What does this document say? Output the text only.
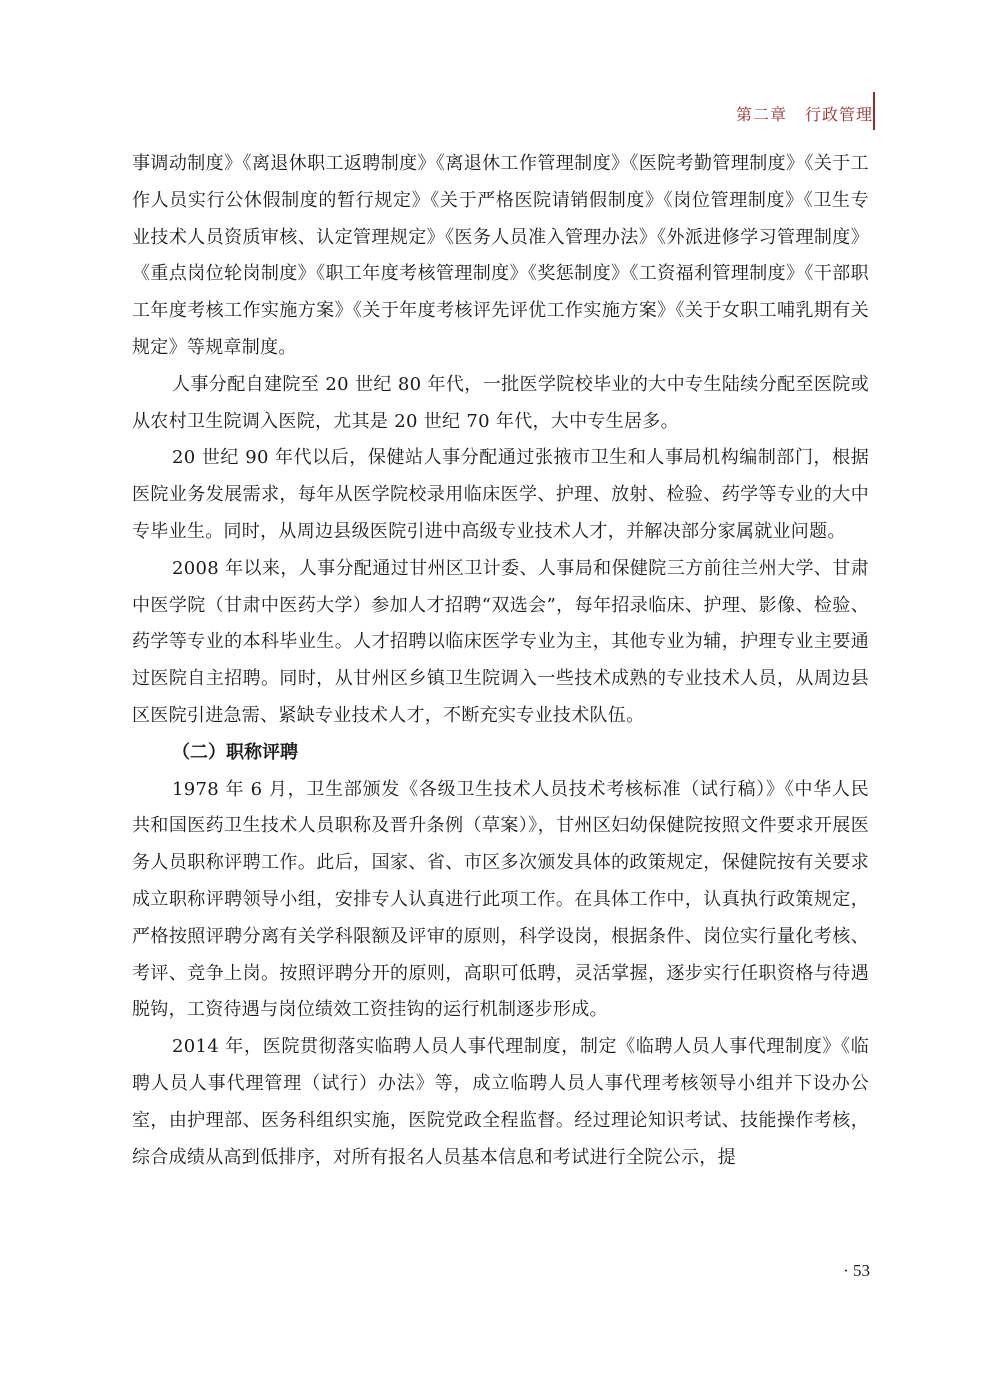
第二章 行政管理

事调动制度》《离退休职工返聘制度》《离退休工作管理制度》《医院考勤管理制度》《关于工作人员实行公休假制度的暂行规定》《关于严格医院请销假制度》《岗位管理制度》《卫生专业技术人员资质审核、认定管理规定》《医务人员准入管理办法》《外派进修学习管理制度》《重点岗位轮岗制度》《职工年度考核管理制度》《奖惩制度》《工资福利管理制度》《干部职工年度考核工作实施方案》《关于年度考核评先评优工作实施方案》《关于女职工哺乳期有关规定》等规章制度。

人事分配自建院至 20 世纪 80 年代，一批医学院校毕业的大中专生陆续分配至医院或从农村卫生院调入医院，尤其是 20 世纪 70 年代，大中专生居多。

20 世纪 90 年代以后，保健站人事分配通过张掖市卫生和人事局机构编制部门，根据医院业务发展需求，每年从医学院校录用临床医学、护理、放射、检验、药学等专业的大中专毕业生。同时，从周边县级医院引进中高级专业技术人才，并解决部分家属就业问题。

2008 年以来，人事分配通过甘州区卫计委、人事局和保健院三方前往兰州大学、甘肃中医学院（甘肃中医药大学）参加人才招聘“双选会”，每年招录临床、护理、影像、检验、药学等专业的本科毕业生。人才招聘以临床医学专业为主，其他专业为辅，护理专业主要通过医院自主招聘。同时，从甘州区乡镇卫生院调入一些技术成熟的专业技术人员，从周边县区医院引进急需、紧缺专业技术人才，不断充实专业技术队伍。

（二）职称评聘

1978 年 6 月，卫生部颁发《各级卫生技术人员技术考核标准（试行稿）》《中华人民共和国医药卫生技术人员职称及晋升条例（草案）》，甘州区妇幼保健院按照文件要求开展医务人员职称评聘工作。此后，国家、省、市区多次颁发具体的政策规定，保健院按有关要求成立职称评聘领导小组，安排专人认真进行此项工作。在具体工作中，认真执行政策规定，严格按照评聘分离有关学科限额及评审的原则，科学设岗，根据条件、岗位实行量化考核、考评、竞争上岗。按照评聘分开的原则，高职可低聘，灵活掌握，逐步实行任职资格与待遇脱钩，工资待遇与岗位绩效工资挂钩的运行机制逐步形成。

2014 年，医院贯彻落实临聘人员人事代理制度，制定《临聘人员人事代理制度》《临聘人员人事代理管理（试行）办法》等，成立临聘人员人事代理考核领导小组并下设办公室，由护理部、医务科组织实施，医院党政全程监督。经过理论知识考试、技能操作考核，综合成绩从高到低排序，对所有报名人员基本信息和考试进行全院公示，提

· 53
